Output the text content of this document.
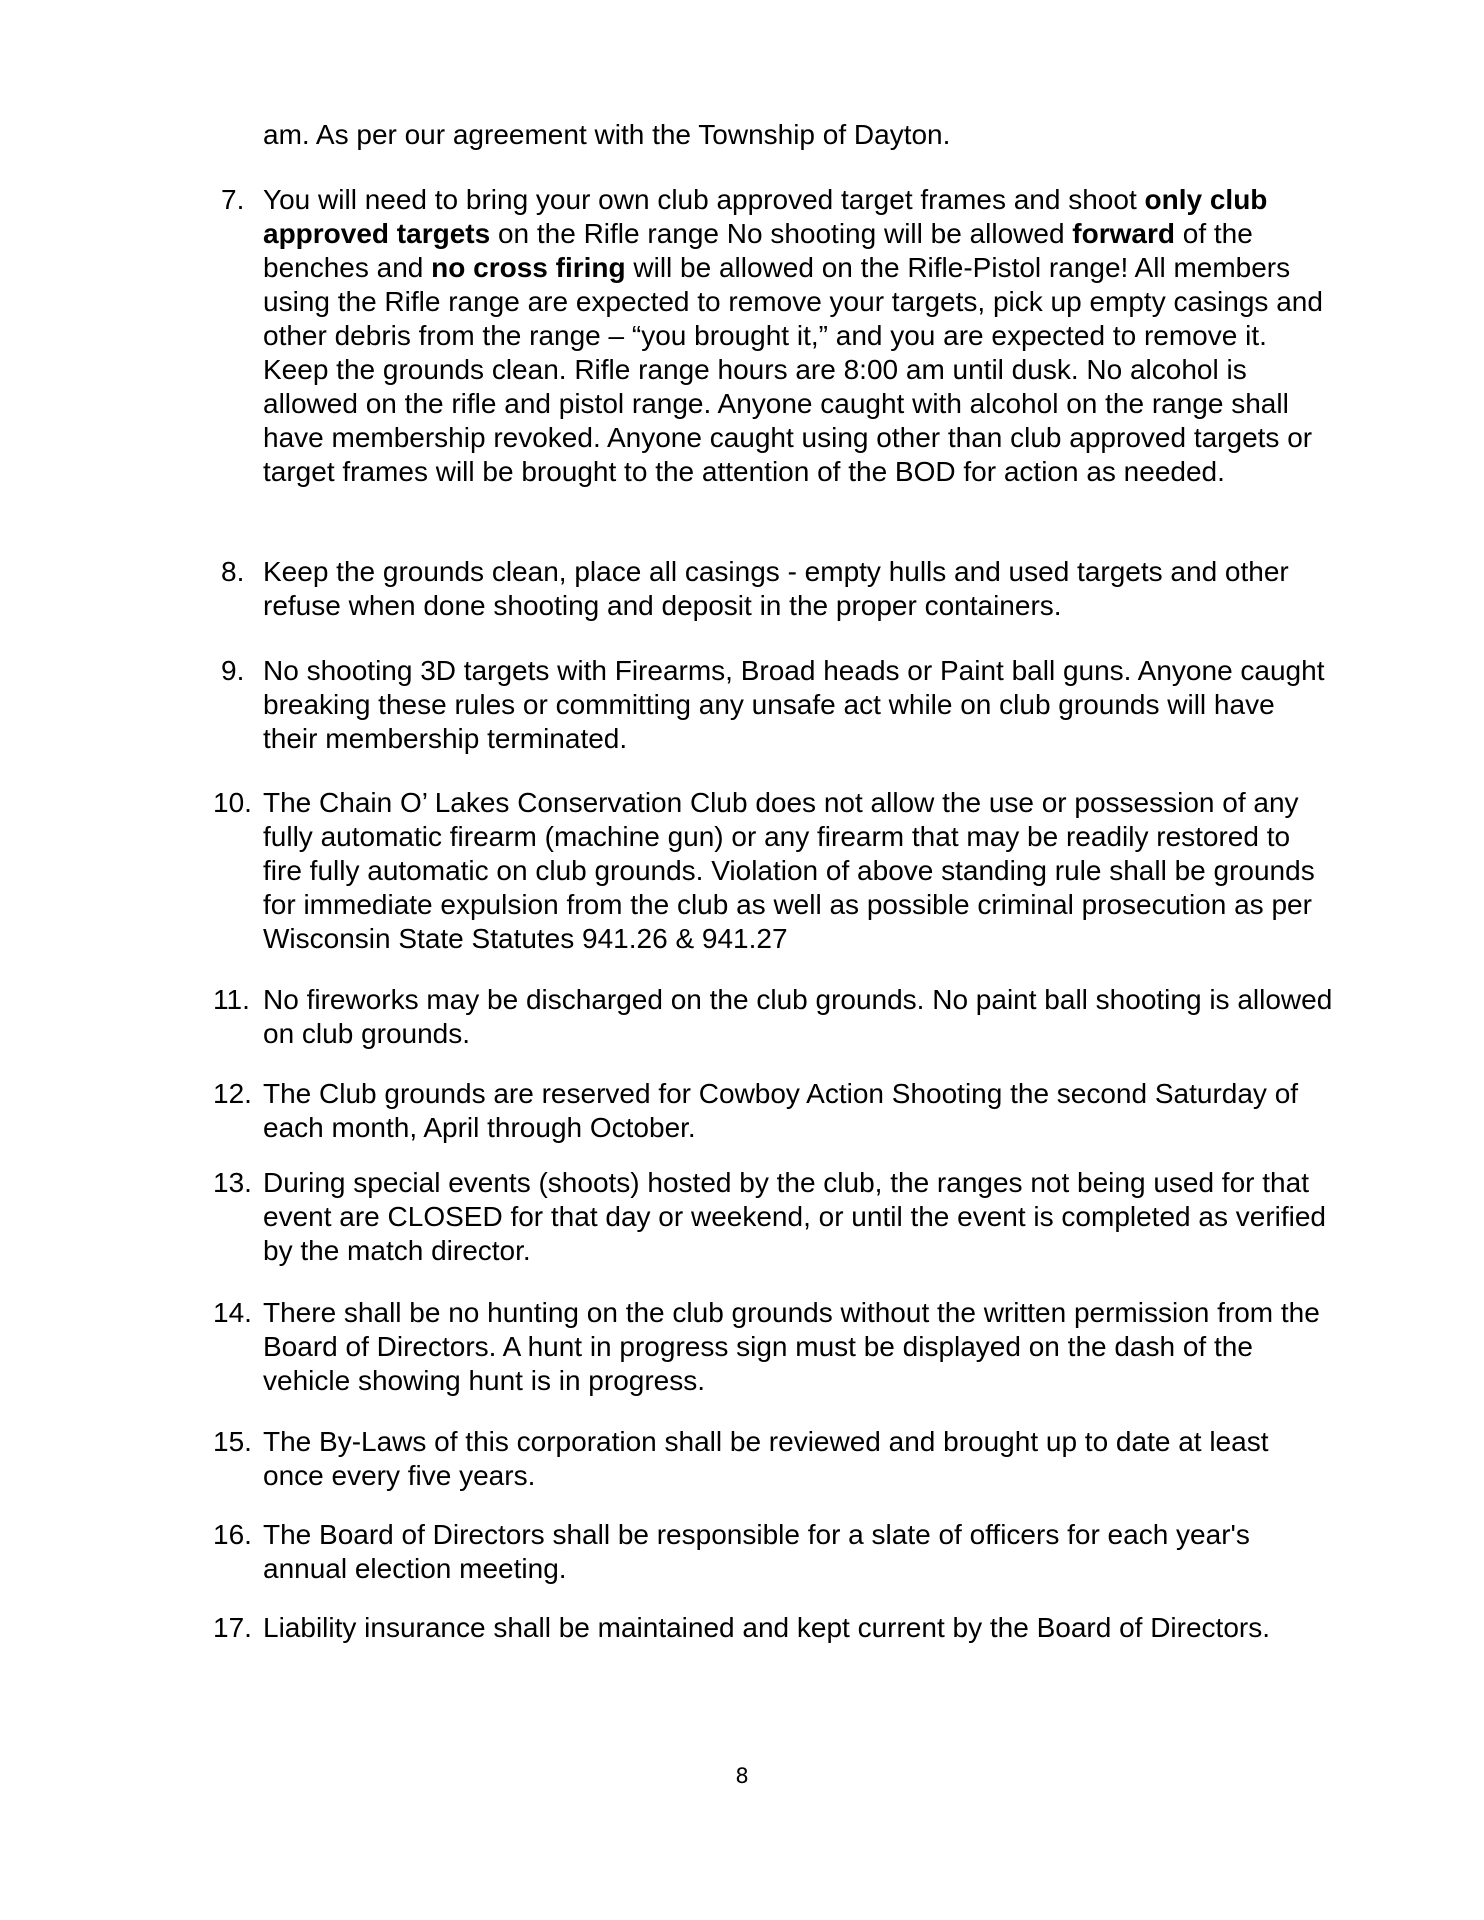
am. As per our agreement with the Township of Dayton.

7. You will need to bring your own club approved target frames and shoot only club approved targets on the Rifle range No shooting will be allowed forward of the benches and no cross firing will be allowed on the Rifle-Pistol range! All members using the Rifle range are expected to remove your targets, pick up empty casings and other debris from the range – “you brought it,” and you are expected to remove it. Keep the grounds clean. Rifle range hours are 8:00 am until dusk. No alcohol is allowed on the rifle and pistol range. Anyone caught with alcohol on the range shall have membership revoked. Anyone caught using other than club approved targets or target frames will be brought to the attention of the BOD for action as needed.
8. Keep the grounds clean, place all casings - empty hulls and used targets and other refuse when done shooting and deposit in the proper containers.
9. No shooting 3D targets with Firearms, Broad heads or Paint ball guns. Anyone caught breaking these rules or committing any unsafe act while on club grounds will have their membership terminated.
10. The Chain O’ Lakes Conservation Club does not allow the use or possession of any fully automatic firearm (machine gun) or any firearm that may be readily restored to fire fully automatic on club grounds. Violation of above standing rule shall be grounds for immediate expulsion from the club as well as possible criminal prosecution as per Wisconsin State Statutes 941.26 & 941.27
11. No fireworks may be discharged on the club grounds. No paint ball shooting is allowed on club grounds.
12. The Club grounds are reserved for Cowboy Action Shooting the second Saturday of each month, April through October.
13. During special events (shoots) hosted by the club, the ranges not being used for that event are CLOSED for that day or weekend, or until the event is completed as verified by the match director.
14. There shall be no hunting on the club grounds without the written permission from the Board of Directors. A hunt in progress sign must be displayed on the dash of the vehicle showing hunt is in progress.
15. The By-Laws of this corporation shall be reviewed and brought up to date at least once every five years.
16. The Board of Directors shall be responsible for a slate of officers for each year's annual election meeting.
17. Liability insurance shall be maintained and kept current by the Board of Directors.
8
